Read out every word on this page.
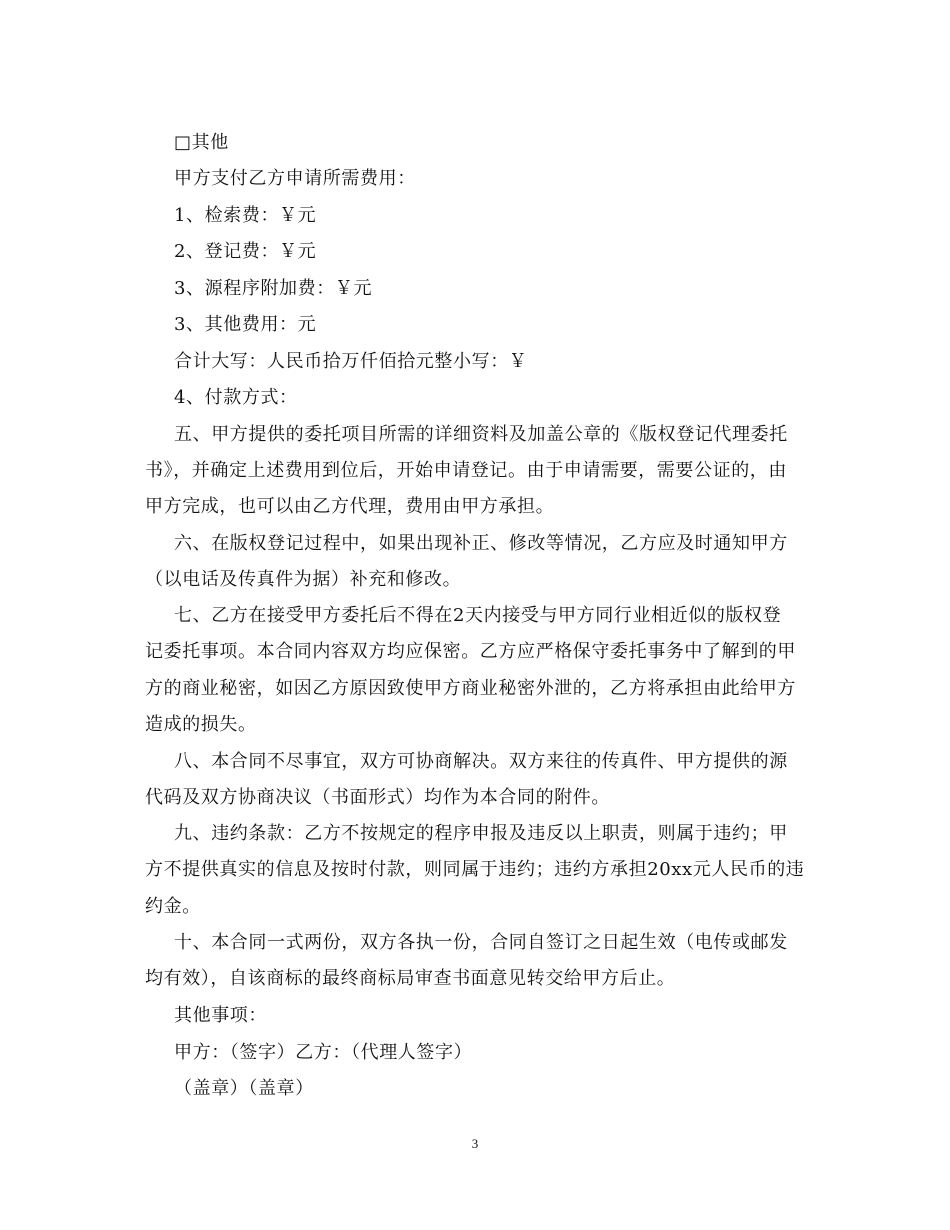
□其他
甲方支付乙方申请所需费用：
1、检索费：￥元
2、登记费：￥元
3、源程序附加费：￥元
3、其他费用：元
合计大写：人民币拾万仟佰拾元整小写：￥
4、付款方式：
五、甲方提供的委托项目所需的详细资料及加盖公章的《版权登记代理委托
书》，并确定上述费用到位后，开始申请登记。由于申请需要，需要公证的，由
甲方完成，也可以由乙方代理，费用由甲方承担。
六、在版权登记过程中，如果出现补正、修改等情况，乙方应及时通知甲方
（以电话及传真件为据）补充和修改。
七、乙方在接受甲方委托后不得在2天内接受与甲方同行业相近似的版权登
记委托事项。本合同内容双方均应保密。乙方应严格保守委托事务中了解到的甲
方的商业秘密，如因乙方原因致使甲方商业秘密外泄的，乙方将承担由此给甲方
造成的损失。
八、本合同不尽事宜，双方可协商解决。双方来往的传真件、甲方提供的源
代码及双方协商决议（书面形式）均作为本合同的附件。
九、违约条款：乙方不按规定的程序申报及违反以上职责，则属于违约；甲
方不提供真实的信息及按时付款，则同属于违约；违约方承担20xx元人民币的违
约金。
十、本合同一式两份，双方各执一份，合同自签订之日起生效（电传或邮发
均有效），自该商标的最终商标局审查书面意见转交给甲方后止。
其他事项：
甲方：（签字）乙方：（代理人签字）
（盖章）（盖章）
3
